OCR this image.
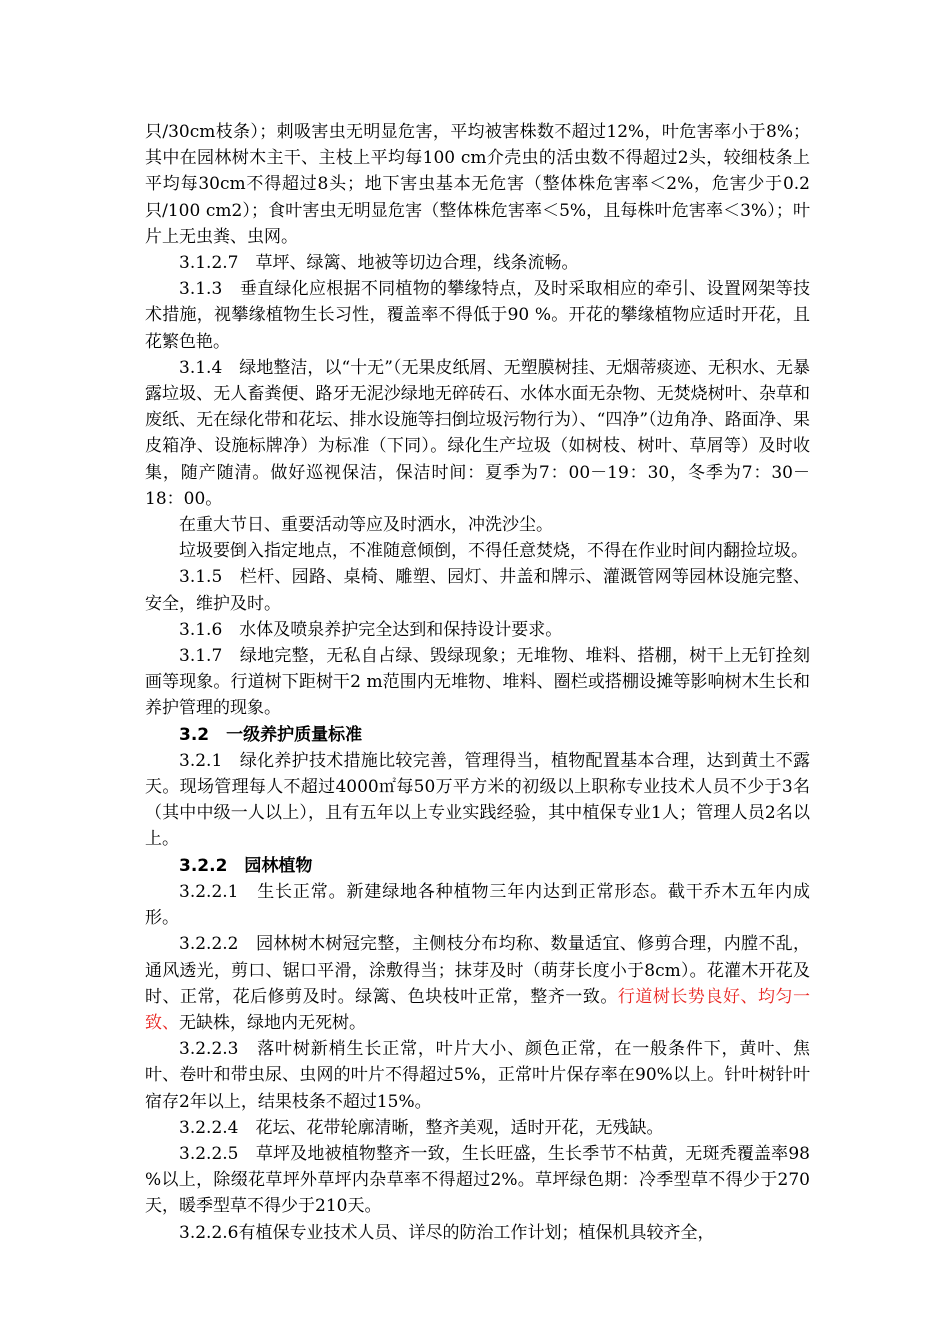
只/30cm枝条）；刺吸害虫无明显危害，平均被害株数不超过12%，叶危害率小于8%；其中在园林树木主干、主枝上平均每100 cm介壳虫的活虫数不得超过2头，较细枝条上平均每30cm不得超过8头；地下害虫基本无危害（整体株危害率＜2%，危害少于0.2只/100 cm2）；食叶害虫无明显危害（整体株危害率＜5%，且每株叶危害率＜3%）；叶片上无虫粪、虫网。

3.1.2.7　草坪、绿篱、地被等切边合理，线条流畅。

3.1.3　垂直绿化应根据不同植物的攀缘特点，及时采取相应的牵引、设置网架等技术措施，视攀缘植物生长习性，覆盖率不得低于90 %。开花的攀缘植物应适时开花，且花繁色艳。

3.1.4　绿地整洁，以“十无”（无果皮纸屑、无塑膜树挂、无烟蒂痰迹、无积水、无暴露垃圾、无人畜粪便、路牙无泥沙绿地无碎砖石、水体水面无杂物、无焚烧树叶、杂草和废纸、无在绿化带和花坛、排水设施等扫倒垃圾污物行为）、“四净”（边角净、路面净、果皮箱净、设施标牌净）为标准（下同）。绿化生产垃圾（如树枝、树叶、草屑等）及时收集，随产随清。做好巡视保洁，保洁时间：夏季为7：00－19：30，冬季为7：30－18：00。

在重大节日、重要活动等应及时洒水，冲洗沙尘。

垃圾要倒入指定地点，不准随意倾倒，不得任意焚烧，不得在作业时间内翻捡垃圾。

3.1.5　栏杆、园路、桌椅、雕塑、园灯、井盖和牌示、灌溉管网等园林设施完整、安全，维护及时。

3.1.6　水体及喷泉养护完全达到和保持设计要求。

3.1.7　绿地完整，无私自占绿、毁绿现象；无堆物、堆料、搭棚，树干上无钉拴刻画等现象。行道树下距树干2 m范围内无堆物、堆料、圈栏或搭棚设摊等影响树木生长和养护管理的现象。

3.2　一级养护质量标准

3.2.1　绿化养护技术措施比较完善，管理得当，植物配置基本合理，达到黄土不露天。现场管理每人不超过4000㎡每50万平方米的初级以上职称专业技术人员不少于3名（其中中级一人以上），且有五年以上专业实践经验，其中植保专业1人；管理人员2名以上。

3.2.2　园林植物

3.2.2.1　生长正常。新建绿地各种植物三年内达到正常形态。截干乔木五年内成形。

3.2.2.2　园林树木树冠完整，主侧枝分布均称、数量适宜、修剪合理，内膛不乱，通风透光，剪口、锯口平滑，涂敷得当；抹芽及时（萌芽长度小于8cm）。花灌木开花及时、正常，花后修剪及时。绿篱、色块枝叶正常，整齐一致。行道树长势良好、均匀一致、无缺株，绿地内无死树。

3.2.2.3　落叶树新梢生长正常，叶片大小、颜色正常，在一般条件下，黄叶、焦叶、卷叶和带虫尿、虫网的叶片不得超过5%，正常叶片保存率在90%以上。针叶树针叶宿存2年以上，结果枝条不超过15%。

3.2.2.4　花坛、花带轮廓清晰，整齐美观，适时开花，无残缺。

3.2.2.5　草坪及地被植物整齐一致，生长旺盛，生长季节不枯黄，无斑秃覆盖率98 %以上，除缀花草坪外草坪内杂草率不得超过2%。草坪绿色期：冷季型草不得少于270天，暖季型草不得少于210天。

3.2.2.6有植保专业技术人员、详尽的防治工作计划；植保机具较齐全，
